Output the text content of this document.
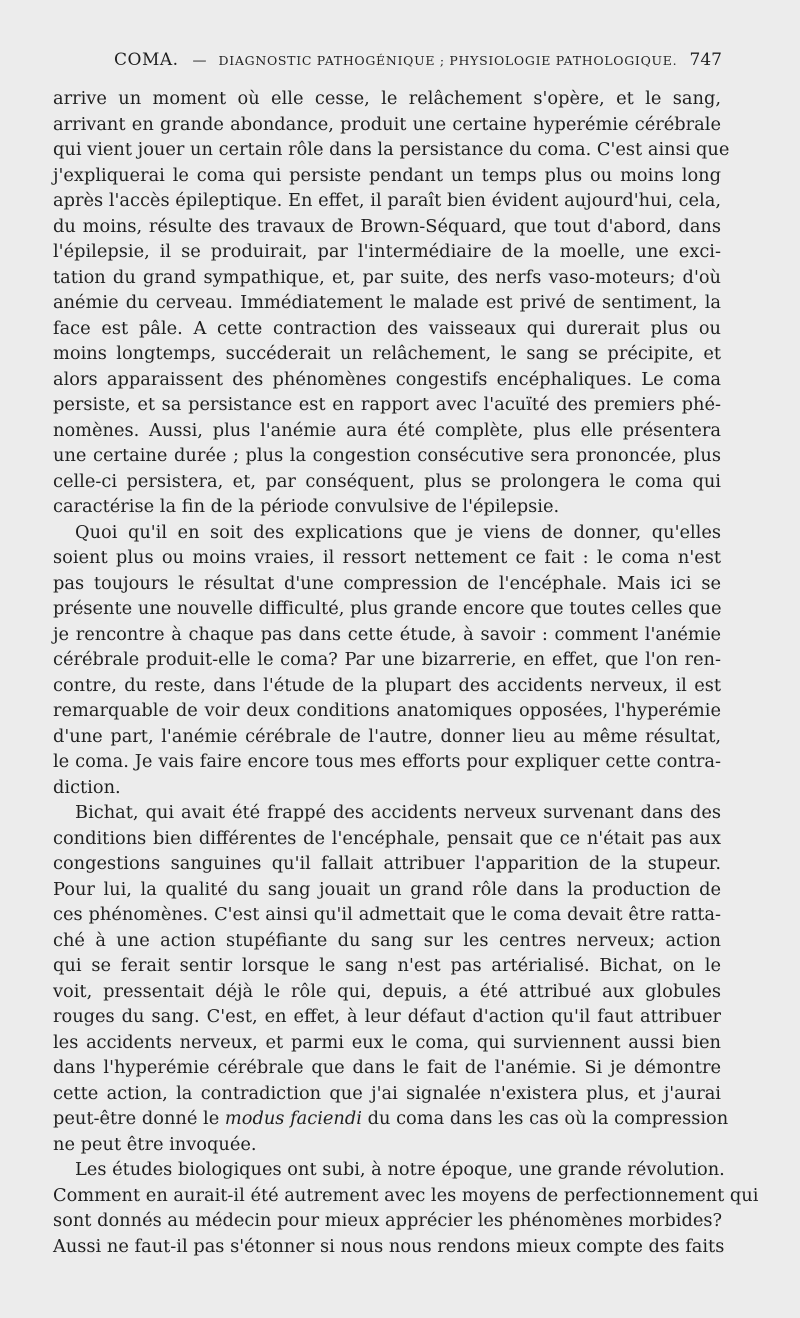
COMA. — DIAGNOSTIC PATHOGÉNIQUE ; PHYSIOLOGIE PATHOLOGIQUE. 747
arrive un moment où elle cesse, le relâchement s'opère, et le sang,
arrivant en grande abondance, produit une certaine hyperémie cérébrale
qui vient jouer un certain rôle dans la persistance du coma. C'est ainsi que
j'expliquerai le coma qui persiste pendant un temps plus ou moins long
après l'accès épileptique. En effet, il paraît bien évident aujourd'hui, cela,
du moins, résulte des travaux de Brown-Séquard, que tout d'abord, dans
l'épilepsie, il se produirait, par l'intermédiaire de la moelle, une exci-
tation du grand sympathique, et, par suite, des nerfs vaso-moteurs; d'où
anémie du cerveau. Immédiatement le malade est privé de sentiment, la
face est pâle. A cette contraction des vaisseaux qui durerait plus ou
moins longtemps, succéderait un relâchement, le sang se précipite, et
alors apparaissent des phénomènes congestifs encéphaliques. Le coma
persiste, et sa persistance est en rapport avec l'acuïté des premiers phé-
nomènes. Aussi, plus l'anémie aura été complète, plus elle présentera
une certaine durée ; plus la congestion consécutive sera prononcée, plus
celle-ci persistera, et, par conséquent, plus se prolongera le coma qui
caractérise la fin de la période convulsive de l'épilepsie.
Quoi qu'il en soit des explications que je viens de donner, qu'elles
soient plus ou moins vraies, il ressort nettement ce fait : le coma n'est
pas toujours le résultat d'une compression de l'encéphale. Mais ici se
présente une nouvelle difficulté, plus grande encore que toutes celles que
je rencontre à chaque pas dans cette étude, à savoir : comment l'anémie
cérébrale produit-elle le coma? Par une bizarrerie, en effet, que l'on ren-
contre, du reste, dans l'étude de la plupart des accidents nerveux, il est
remarquable de voir deux conditions anatomiques opposées, l'hyperémie
d'une part, l'anémie cérébrale de l'autre, donner lieu au même résultat,
le coma. Je vais faire encore tous mes efforts pour expliquer cette contra-
diction.
Bichat, qui avait été frappé des accidents nerveux survenant dans des
conditions bien différentes de l'encéphale, pensait que ce n'était pas aux
congestions sanguines qu'il fallait attribuer l'apparition de la stupeur.
Pour lui, la qualité du sang jouait un grand rôle dans la production de
ces phénomènes. C'est ainsi qu'il admettait que le coma devait être ratta-
ché à une action stupéfiante du sang sur les centres nerveux; action
qui se ferait sentir lorsque le sang n'est pas artérialisé. Bichat, on le
voit, pressentait déjà le rôle qui, depuis, a été attribué aux globules
rouges du sang. C'est, en effet, à leur défaut d'action qu'il faut attribuer
les accidents nerveux, et parmi eux le coma, qui surviennent aussi bien
dans l'hyperémie cérébrale que dans le fait de l'anémie. Si je démontre
cette action, la contradiction que j'ai signalée n'existera plus, et j'aurai
peut-être donné le modus faciendi du coma dans les cas où la compression
ne peut être invoquée.
Les études biologiques ont subi, à notre époque, une grande révolution.
Comment en aurait-il été autrement avec les moyens de perfectionnement qui
sont donnés au médecin pour mieux apprécier les phénomènes morbides?
Aussi ne faut-il pas s'étonner si nous nous rendons mieux compte des faits
